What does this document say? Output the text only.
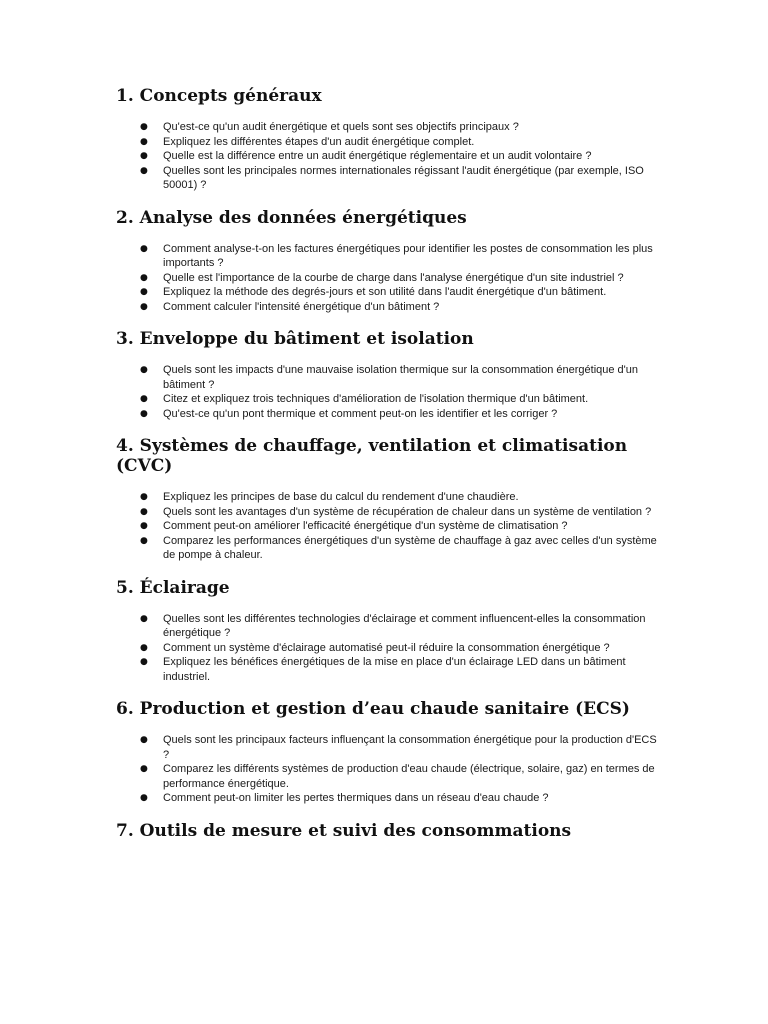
1. Concepts généraux
● Qu'est-ce qu'un audit énergétique et quels sont ses objectifs principaux ?
● Expliquez les différentes étapes d'un audit énergétique complet.
● Quelle est la différence entre un audit énergétique réglementaire et un audit volontaire ?
● Quelles sont les principales normes internationales régissant l'audit énergétique (par exemple, ISO 50001) ?
2. Analyse des données énergétiques
● Comment analyse-t-on les factures énergétiques pour identifier les postes de consommation les plus importants ?
● Quelle est l'importance de la courbe de charge dans l'analyse énergétique d'un site industriel ?
● Expliquez la méthode des degrés-jours et son utilité dans l'audit énergétique d'un bâtiment.
● Comment calculer l'intensité énergétique d'un bâtiment ?
3. Enveloppe du bâtiment et isolation
● Quels sont les impacts d'une mauvaise isolation thermique sur la consommation énergétique d'un bâtiment ?
● Citez et expliquez trois techniques d'amélioration de l'isolation thermique d'un bâtiment.
● Qu'est-ce qu'un pont thermique et comment peut-on les identifier et les corriger ?
4. Systèmes de chauffage, ventilation et climatisation (CVC)
● Expliquez les principes de base du calcul du rendement d'une chaudière.
● Quels sont les avantages d'un système de récupération de chaleur dans un système de ventilation ?
● Comment peut-on améliorer l'efficacité énergétique d'un système de climatisation ?
● Comparez les performances énergétiques d'un système de chauffage à gaz avec celles d'un système de pompe à chaleur.
5. Éclairage
● Quelles sont les différentes technologies d'éclairage et comment influencent-elles la consommation énergétique ?
● Comment un système d'éclairage automatisé peut-il réduire la consommation énergétique ?
● Expliquez les bénéfices énergétiques de la mise en place d'un éclairage LED dans un bâtiment industriel.
6. Production et gestion d’eau chaude sanitaire (ECS)
● Quels sont les principaux facteurs influençant la consommation énergétique pour la production d'ECS ?
● Comparez les différents systèmes de production d'eau chaude (électrique, solaire, gaz) en termes de performance énergétique.
● Comment peut-on limiter les pertes thermiques dans un réseau d'eau chaude ?
7. Outils de mesure et suivi des consommations
